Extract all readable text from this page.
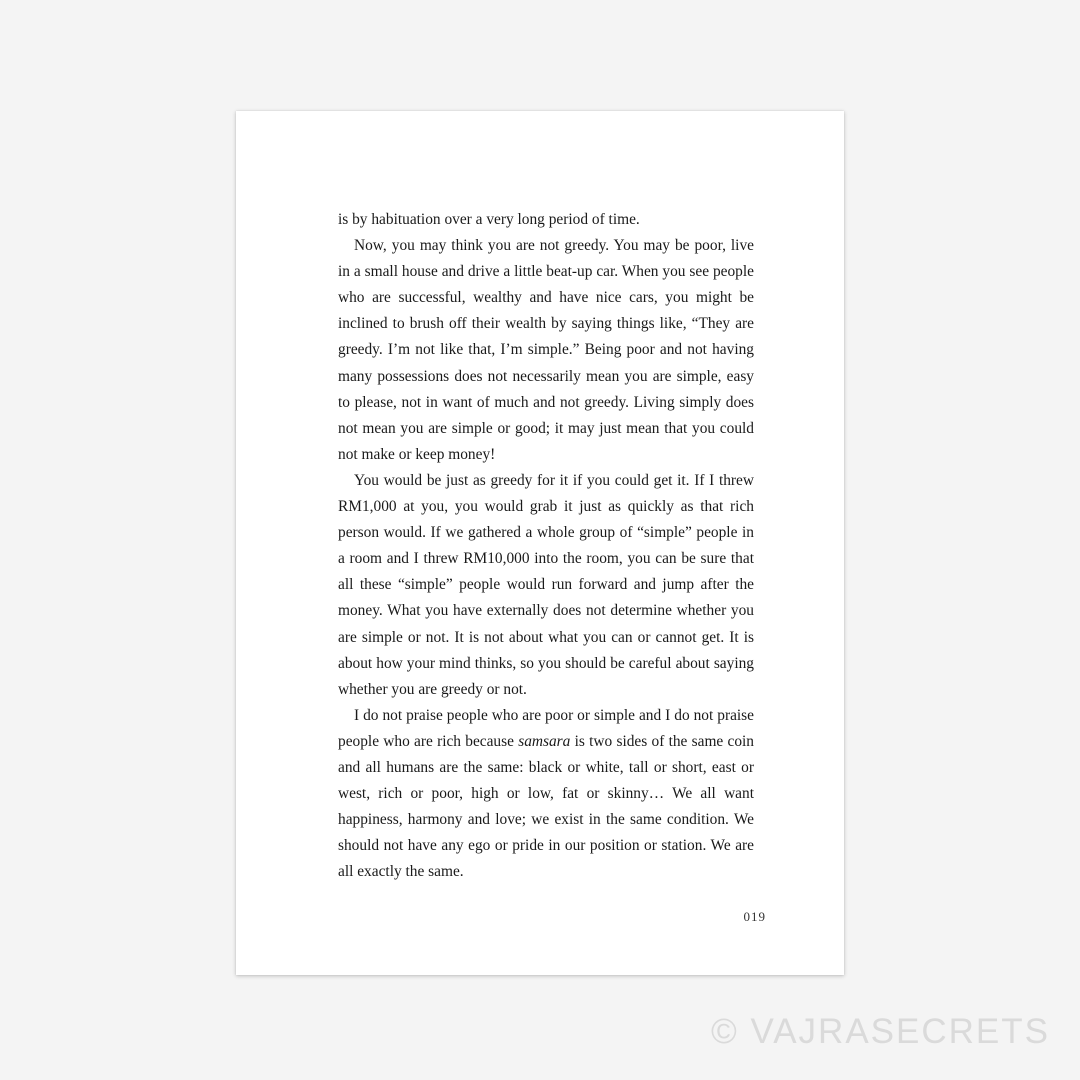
is by habituation over a very long period of time.

Now, you may think you are not greedy. You may be poor, live in a small house and drive a little beat-up car. When you see people who are successful, wealthy and have nice cars, you might be inclined to brush off their wealth by saying things like, “They are greedy. I’m not like that, I’m simple.” Being poor and not having many possessions does not necessarily mean you are simple, easy to please, not in want of much and not greedy. Living simply does not mean you are simple or good; it may just mean that you could not make or keep money!

You would be just as greedy for it if you could get it. If I threw RM1,000 at you, you would grab it just as quickly as that rich person would. If we gathered a whole group of “simple” people in a room and I threw RM10,000 into the room, you can be sure that all these “simple” people would run forward and jump after the money. What you have externally does not determine whether you are simple or not. It is not about what you can or cannot get. It is about how your mind thinks, so you should be careful about saying whether you are greedy or not.

I do not praise people who are poor or simple and I do not praise people who are rich because samsara is two sides of the same coin and all humans are the same: black or white, tall or short, east or west, rich or poor, high or low, fat or skinny… We all want happiness, harmony and love; we exist in the same condition. We should not have any ego or pride in our position or station. We are all exactly the same.

019
© VAJRASECRETS
